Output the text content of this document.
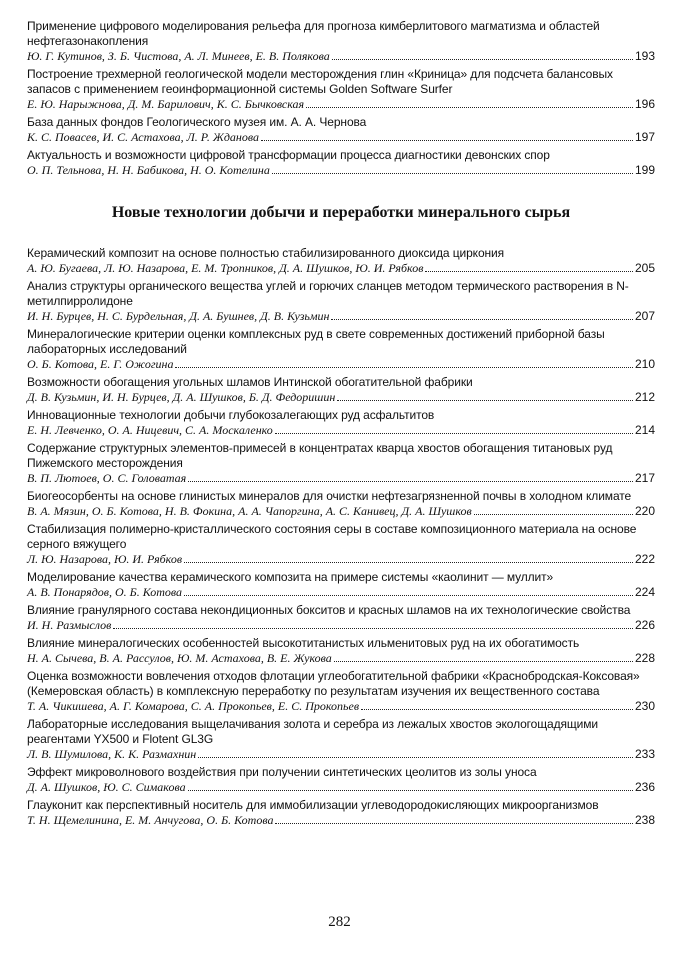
Применение цифрового моделирования рельефа для прогноза кимберлитового магматизма и областей нефтегазонакопления
Ю. Г. Кутинов, З. Б. Чистова, А. Л. Минеев, Е. В. Полякова	193
Построение трехмерной геологической модели месторождения глин «Криница» для подсчета балансовых запасов с применением геоинформационной системы Golden Software Surfer
Е. Ю. Нарыжнова, Д. М. Барилович, К. С. Бычковская	196
База данных фондов Геологического музея им. А. А. Чернова
К. С. Повасев, И. С. Астахова, Л. Р. Жданова	197
Актуальность и возможности цифровой трансформации процесса диагностики девонских спор
О. П. Тельнова, Н. Н. Бабикова, Н. О. Котелина	199
Новые технологии добычи и переработки минерального сырья
Керамический композит на основе полностью стабилизированного диоксида циркония
А. Ю. Бугаева, Л. Ю. Назарова, Е. М. Тропников, Д. А. Шушков, Ю. И. Рябков	205
Анализ структуры органического вещества углей и горючих сланцев методом термического растворения в N-метилпирролидоне
И. Н. Бурцев, Н. С. Бурдельная, Д. А. Бушнев, Д. В. Кузьмин	207
Минералогические критерии оценки комплексных руд в свете современных достижений приборной базы лабораторных исследований
О. Б. Котова, Е. Г. Ожогина	210
Возможности обогащения угольных шламов Интинской обогатительной фабрики
Д. В. Кузьмин, И. Н. Бурцев, Д. А. Шушков, Б. Д. Федоришин	212
Инновационные технологии добычи глубокозалегающих руд асфальтитов
Е. Н. Левченко, О. А. Ницевич, С. А. Москаленко	214
Содержание структурных элементов-примесей в концентратах кварца хвостов обогащения титановых руд Пижемского месторождения
В. П. Лютоев, О. С. Головатая	217
Биогеосорбенты на основе глинистых минералов для очистки нефтезагрязненной почвы в холодном климате
В. А. Мязин, О. Б. Котова, Н. В. Фокина, А. А. Чапоргина, А. С. Канивец, Д. А. Шушков	220
Стабилизация полимерно-кристаллического состояния серы в составе композиционного материала на основе серного вяжущего
Л. Ю. Назарова, Ю. И. Рябков	222
Моделирование качества керамического композита на примере системы «каолинит — муллит»
А. В. Понарядов, О. Б. Котова	224
Влияние гранулярного состава некондиционных бокситов и красных шламов на их технологические свойства
И. Н. Размыслов	226
Влияние минералогических особенностей высокотитанистых ильменитовых руд на их обогатимость
Н. А. Сычева, В. А. Рассулов, Ю. М. Астахова, В. Е. Жукова	228
Оценка возможности вовлечения отходов флотации углеобогатительной фабрики «Краснобродская-Коксовая» (Кемеровская область) в комплексную переработку по результатам изучения их вещественного состава
Т. А. Чикишева, А. Г. Комарова, С. А. Прокопьев, Е. С. Прокопьев	230
Лабораторные исследования выщелачивания золота и серебра из лежалых хвостов экологощадящими реагентами YX500 и Flotent GL3G
Л. В. Шумилова, К. К. Размахнин	233
Эффект микроволнового воздействия при получении синтетических цеолитов из золы уноса
Д. А. Шушков, Ю. С. Симакова	236
Глауконит как перспективный носитель для иммобилизации углеводородокисляющих микроорганизмов
Т. Н. Щемелинина, Е. М. Анчугова, О. Б. Котова	238
282
